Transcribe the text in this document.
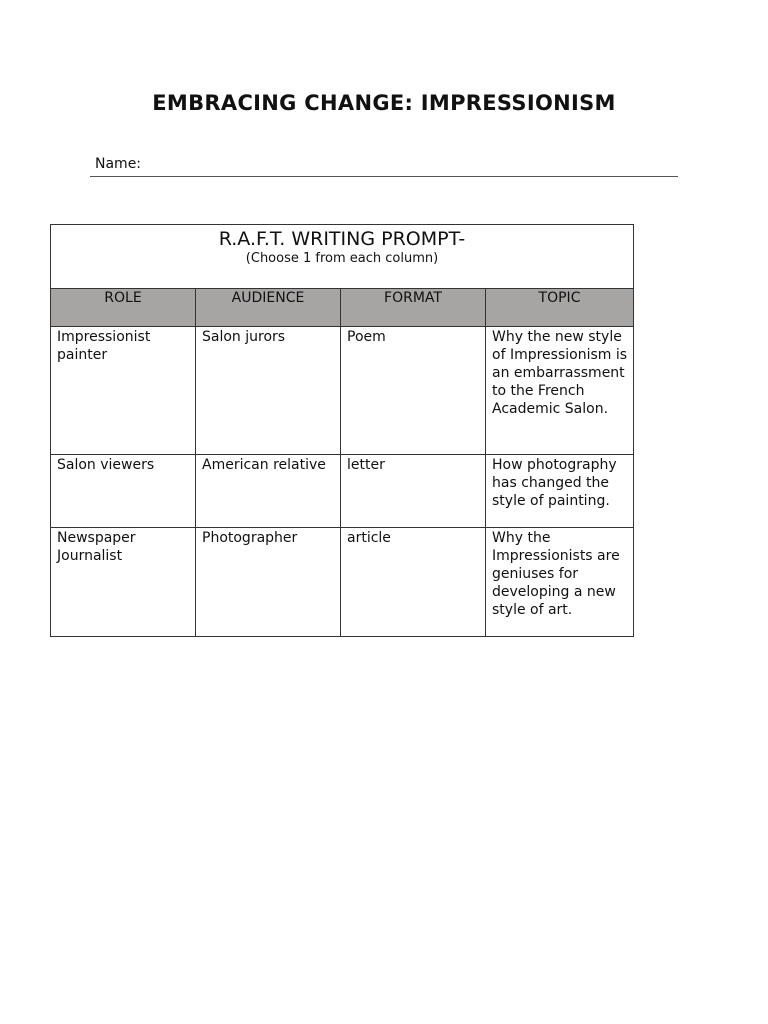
EMBRACING CHANGE: IMPRESSIONISM
Name:
R.A.F.T. WRITING PROMPT-
(Choose 1 from each column)			

ROLE	AUDIENCE	FORMAT	TOPIC
Impressionist painter	Salon jurors	Poem	Why the new style of Impressionism is an embarrassment to the French Academic Salon.
Salon viewers	American relative	letter	How photography has changed the style of painting.
Newspaper Journalist	Photographer	article	Why the Impressionists are geniuses for developing a new style of art.
